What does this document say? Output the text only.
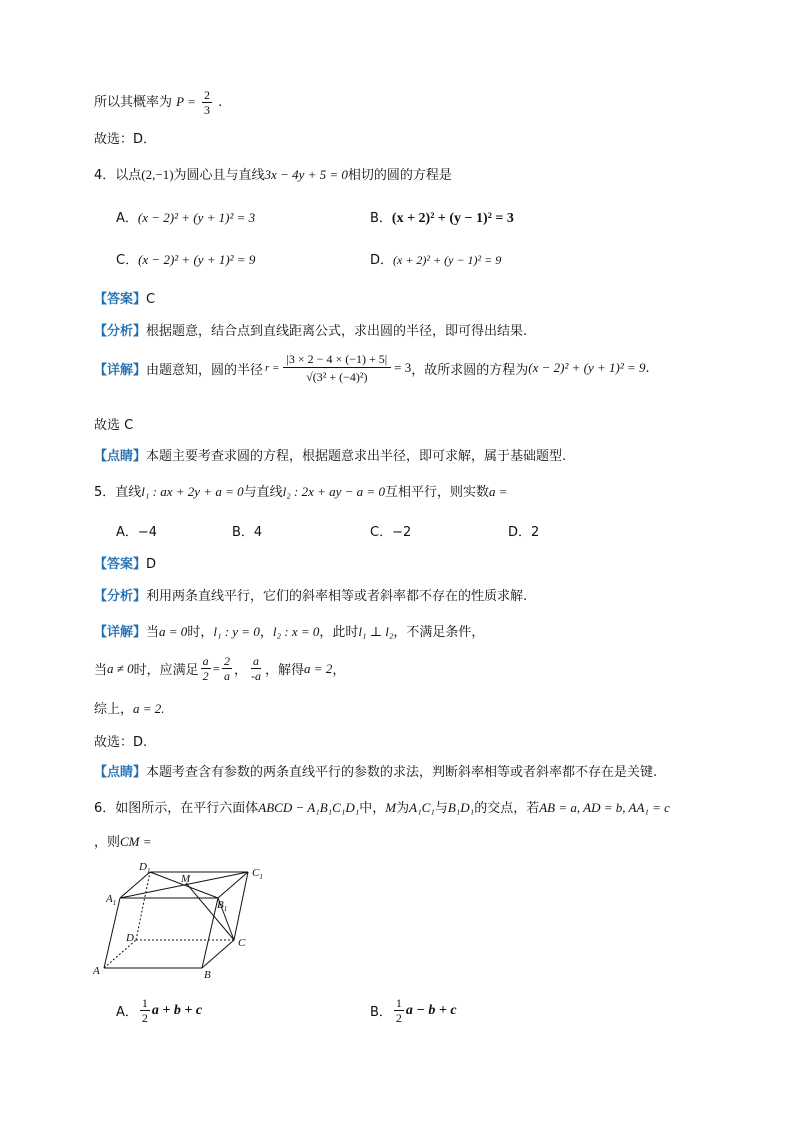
所以其概率为 $P = \frac{2}{3}$ .
故选：D．
4．以点(2,−1)为圆心且与直线3x − 4y + 5 = 0相切的圆的方程是
A．(x − 2)² + (y + 1)² = 3	B．(x + 2)² + (y − 1)² = 3
C．(x − 2)² + (y + 1)² = 9	D．(x + 2)² + (y − 1)² = 9
【答案】C
【分析】根据题意，结合点到直线距离公式，求出圆的半径，即可得出结果.
【详解】 由题意知，圆的半径 $r = \frac{|3 \times 2 - 4 \times (-1) + 5|}{\text{√(3² + (−4)²)}} = 3$ ，故所求圆的方程为 (x − 2)² + (y + 1)² = 9 .
故选 C
【点睛】本题主要考查求圆的方程，根据题意求出半径，即可求解，属于基础题型.
5．直线l₁ : ax + 2y + a = 0与直线l₂ : 2x + ay − a = 0互相平行，则实数a =
A．−4	B．4	C．−2	D．2
【答案】D
【分析】利用两条直线平行，它们的斜率相等或者斜率都不存在的性质求解.
【详解】当a = 0时，l₁ : y = 0，l₂ : x = 0，此时l₁ ⊥ l₂，不满足条件，
当 a ≠ 0 时，应满足 $\frac{a}{2} = \frac{2}{a}$ ， $\frac{a}{-a}$ ，解得 a = 2 ，
综上，a = 2.
故选：D.
【点睛】本题考查含有参数的两条直线平行的参数的求法，判断斜率相等或者斜率都不存在是关键.
6．如图所示，在平行六面体ABCD − A₁B₁C₁D₁中，M为A₁C₁与B₁D₁的交点，若AB = a, AD = b, AA₁ = c
，则CM =
$D_1$	$C_1$
$A_1$	$B_1$
M
D	C
A	B
A． $\frac{1}{2}$ a + b + c	B． $\frac{1}{2}$ a − b + c
